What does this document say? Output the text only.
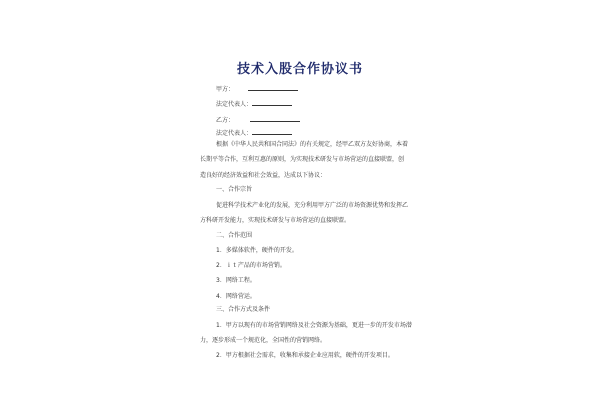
技术入股合作协议书
甲方：
法定代表人：
乙方：
法定代表人：
根据《中华人民共和国合同法》的有关规定，经甲乙双方友好协商，本着
长期平等合作，互利互惠的原则，为实现技术研发与市场营运的直接联盟，创
造良好的经济效益和社会效益，达成以下协议：
一、合作宗旨
促进科学技术产业化的发展，充分利用甲方广泛的市场资源优势和发挥乙
方科研开发能力，实现技术研发与市场营运的直接联盟。
二、合作范围
1．多媒体软件，硬件的开发。
2．ｉｔ产品的市场营销。
3．网络工程。
4．网络营运。
三、合作方式及条件
1．甲方以现有的市场营销网络及社会资源为基础，更进一步的开发市场潜
力，逐步形成一个规范化，全国性的营销网络。
2．甲方根据社会需求，收集和承接企业应用软，硬件的开发项目。
